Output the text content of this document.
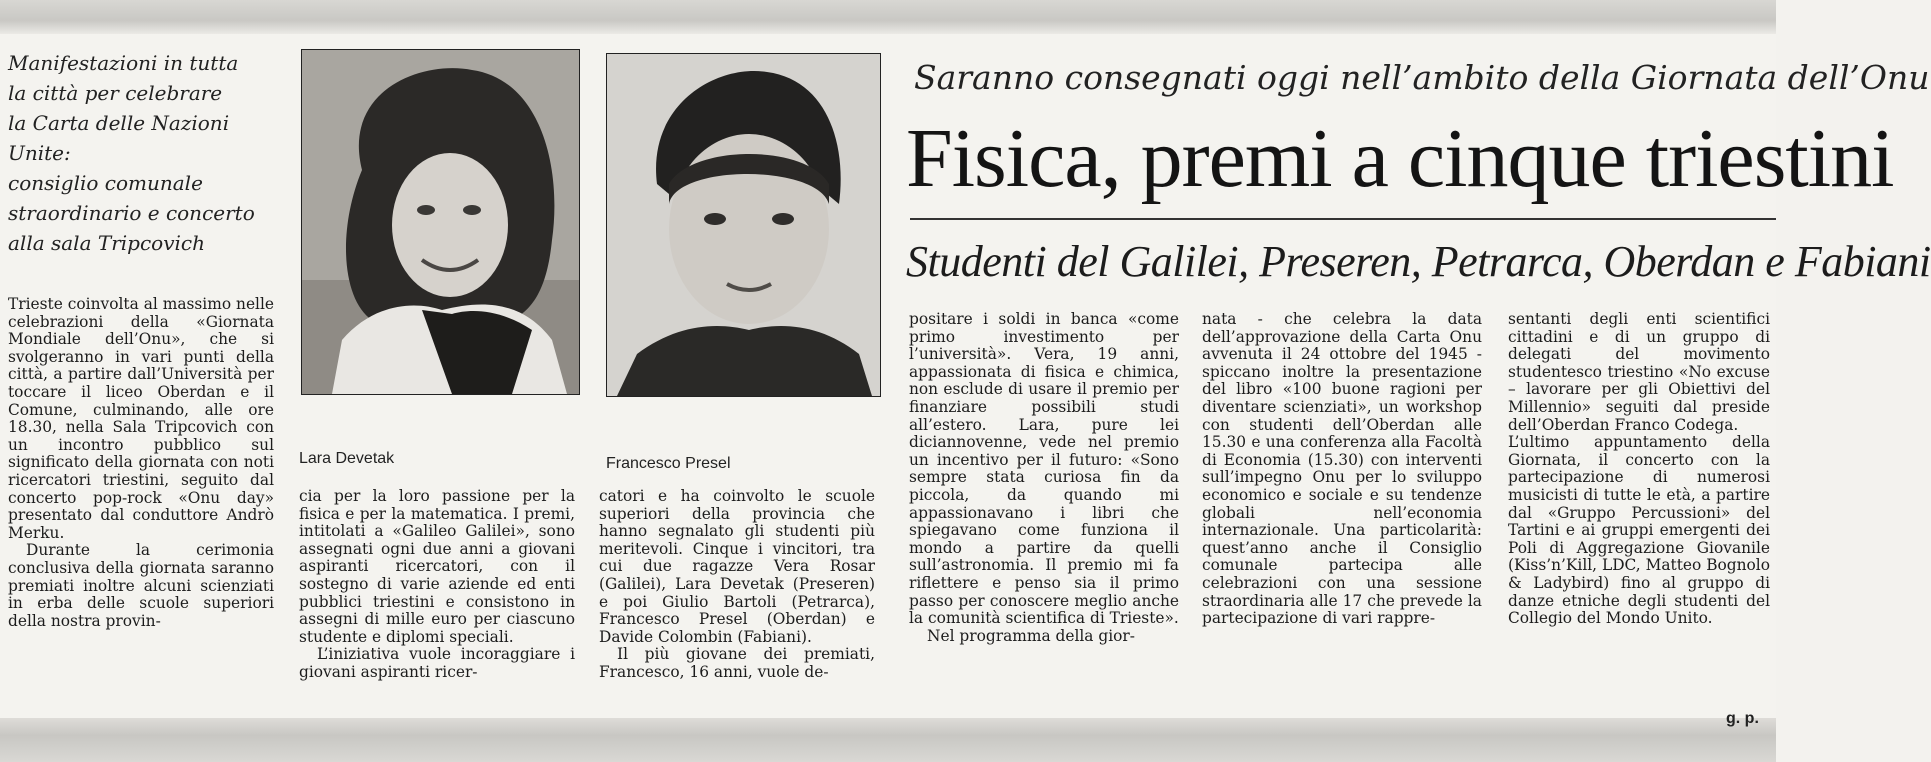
Manifestazioni in tutta
la città per celebrare
la Carta delle Nazioni Unite:
consiglio comunale
straordinario e concerto
alla sala Tripcovich
Lara Devetak	Francesco Presel
Saranno consegnati oggi nell’ambito della Giornata dell’Onu
Fisica, premi a cinque triestini
Studenti del Galilei, Preseren, Petrarca, Oberdan e Fabiani

Trieste coinvolta al massimo nelle celebrazioni della «Giornata Mondiale dell’Onu», che si svolgeranno in vari punti della città, a partire dall’Università per toccare il liceo Oberdan e il Comune, culminando, alle ore 18.30, nella Sala Tripcovich con un incontro pubblico sul significato della giornata con noti ricercatori triestini, seguito dal concerto pop-rock «Onu day» presentato dal conduttore Andrò Merku.

Durante la cerimonia conclusiva della giornata saranno premiati inoltre alcuni scienziati in erba delle scuole superiori della nostra provin-

cia per la loro passione per la fisica e per la matematica. I premi, intitolati a «Galileo Galilei», sono assegnati ogni due anni a giovani aspiranti ricercatori, con il sostegno di varie aziende ed enti pubblici triestini e consistono in assegni di mille euro per ciascuno studente e diplomi speciali.

L’iniziativa vuole incoraggiare i giovani aspiranti ricer-

catori e ha coinvolto le scuole superiori della provincia che hanno segnalato gli studenti più meritevoli. Cinque i vincitori, tra cui due ragazze Vera Rosar (Galilei), Lara Devetak (Preseren) e poi Giulio Bartoli (Petrarca), Francesco Presel (Oberdan) e Davide Colombin (Fabiani).

Il più giovane dei premiati, Francesco, 16 anni, vuole de-

positare i soldi in banca «come primo investimento per l’università». Vera, 19 anni, appassionata di fisica e chimica, non esclude di usare il premio per finanziare possibili studi all’estero. Lara, pure lei diciannovenne, vede nel premio un incentivo per il futuro: «Sono sempre stata curiosa fin da piccola, da quando mi appassionavano i libri che spiegavano come funziona il mondo a partire da quelli sull’astronomia. Il premio mi fa riflettere e penso sia il primo passo per conoscere meglio anche la comunità scientifica di Trieste».

Nel programma della gior-

nata - che celebra la data dell’approvazione della Carta Onu avvenuta il 24 ottobre del 1945 - spiccano inoltre la presentazione del libro «100 buone ragioni per diventare scienziati», un workshop con studenti dell’Oberdan alle 15.30 e una conferenza alla Facoltà di Economia (15.30) con interventi sull’impegno Onu per lo sviluppo economico e sociale e su tendenze globali nell’economia internazionale. Una particolarità: quest’anno anche il Consiglio comunale partecipa alle celebrazioni con una sessione straordinaria alle 17 che prevede la partecipazione di vari rappre-

sentanti degli enti scientifici cittadini e di un gruppo di delegati del movimento studentesco triestino «No excuse – lavorare per gli Obiettivi del Millennio» seguiti dal preside dell’Oberdan Franco Codega.

L’ultimo appuntamento della Giornata, il concerto con la partecipazione di numerosi musicisti di tutte le età, a partire dal «Gruppo Percussioni» del Tartini e ai gruppi emergenti dei Poli di Aggregazione Giovanile (Kiss’n’Kill, LDC, Matteo Bognolo & Ladybird) fino al gruppo di danze etniche degli studenti del Collegio del Mondo Unito.

g. p.
